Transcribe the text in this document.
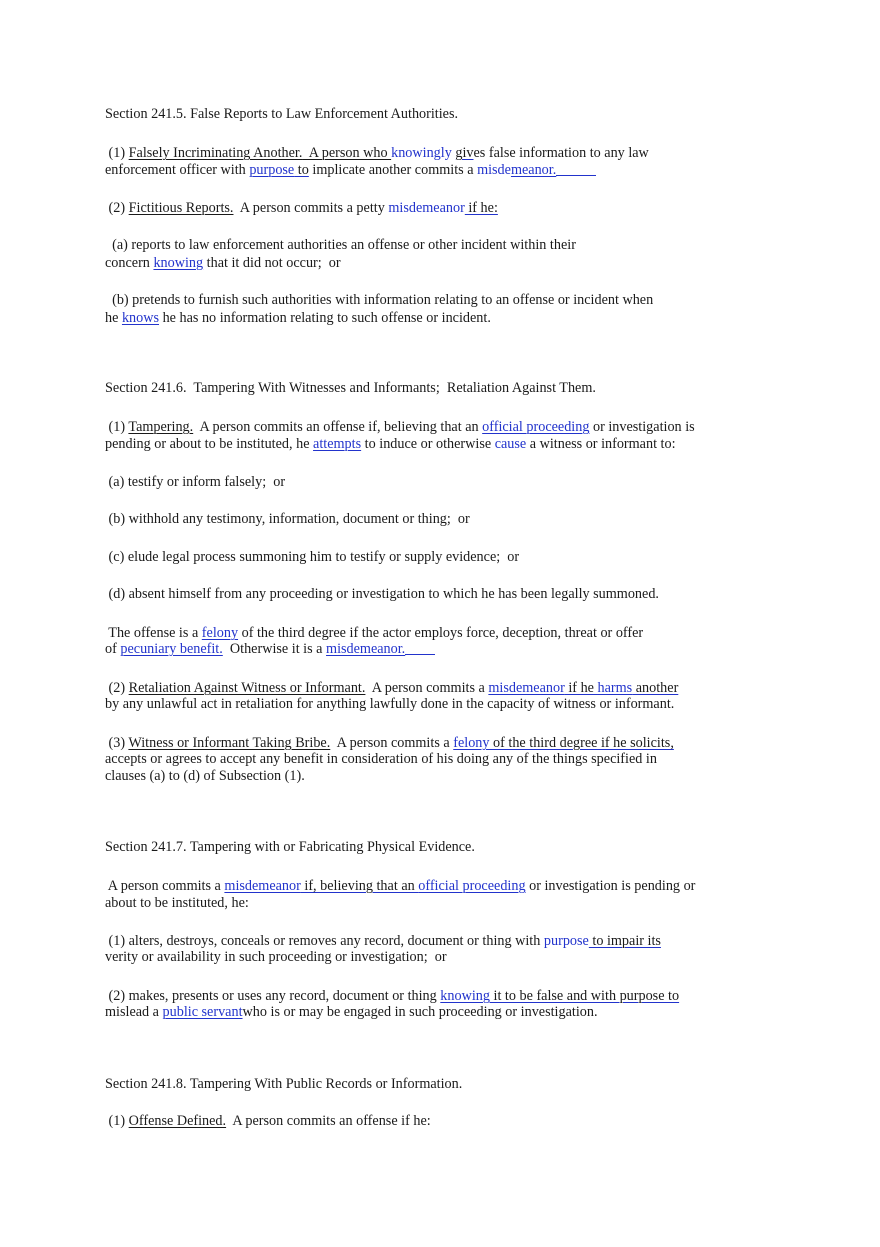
Section 241.5. False Reports to Law Enforcement Authorities.
(1) Falsely Incriminating Another.  A person who knowingly gives false information to any law
enforcement officer with purpose to implicate another commits a misdemeanor.
(2) Fictitious Reports.  A person commits a petty misdemeanor if he:
(a) reports to law enforcement authorities an offense or other incident within their
concern knowing that it did not occur;  or
(b) pretends to furnish such authorities with information relating to an offense or incident when
he knows he has no information relating to such offense or incident.
Section 241.6.  Tampering With Witnesses and Informants;  Retaliation Against Them.
(1) Tampering.  A person commits an offense if, believing that an official proceeding or investigation is
pending or about to be instituted, he attempts to induce or otherwise cause a witness or informant to:
(a) testify or inform falsely;  or
(b) withhold any testimony, information, document or thing;  or
(c) elude legal process summoning him to testify or supply evidence;  or
(d) absent himself from any proceeding or investigation to which he has been legally summoned.
The offense is a felony of the third degree if the actor employs force, deception, threat or offer
of pecuniary benefit.  Otherwise it is a misdemeanor.
(2) Retaliation Against Witness or Informant.  A person commits a misdemeanor if he harms another
by any unlawful act in retaliation for anything lawfully done in the capacity of witness or informant.
(3) Witness or Informant Taking Bribe.  A person commits a felony of the third degree if he solicits,
accepts or agrees to accept any benefit in consideration of his doing any of the things specified in
clauses (a) to (d) of Subsection (1).
Section 241.7. Tampering with or Fabricating Physical Evidence.
A person commits a misdemeanor if, believing that an official proceeding or investigation is pending or
about to be instituted, he:
(1) alters, destroys, conceals or removes any record, document or thing with purpose to impair its
verity or availability in such proceeding or investigation;  or
(2) makes, presents or uses any record, document or thing knowing it to be false and with purpose to
mislead a public servantwho is or may be engaged in such proceeding or investigation.
Section 241.8. Tampering With Public Records or Information.
(1) Offense Defined.  A person commits an offense if he:
